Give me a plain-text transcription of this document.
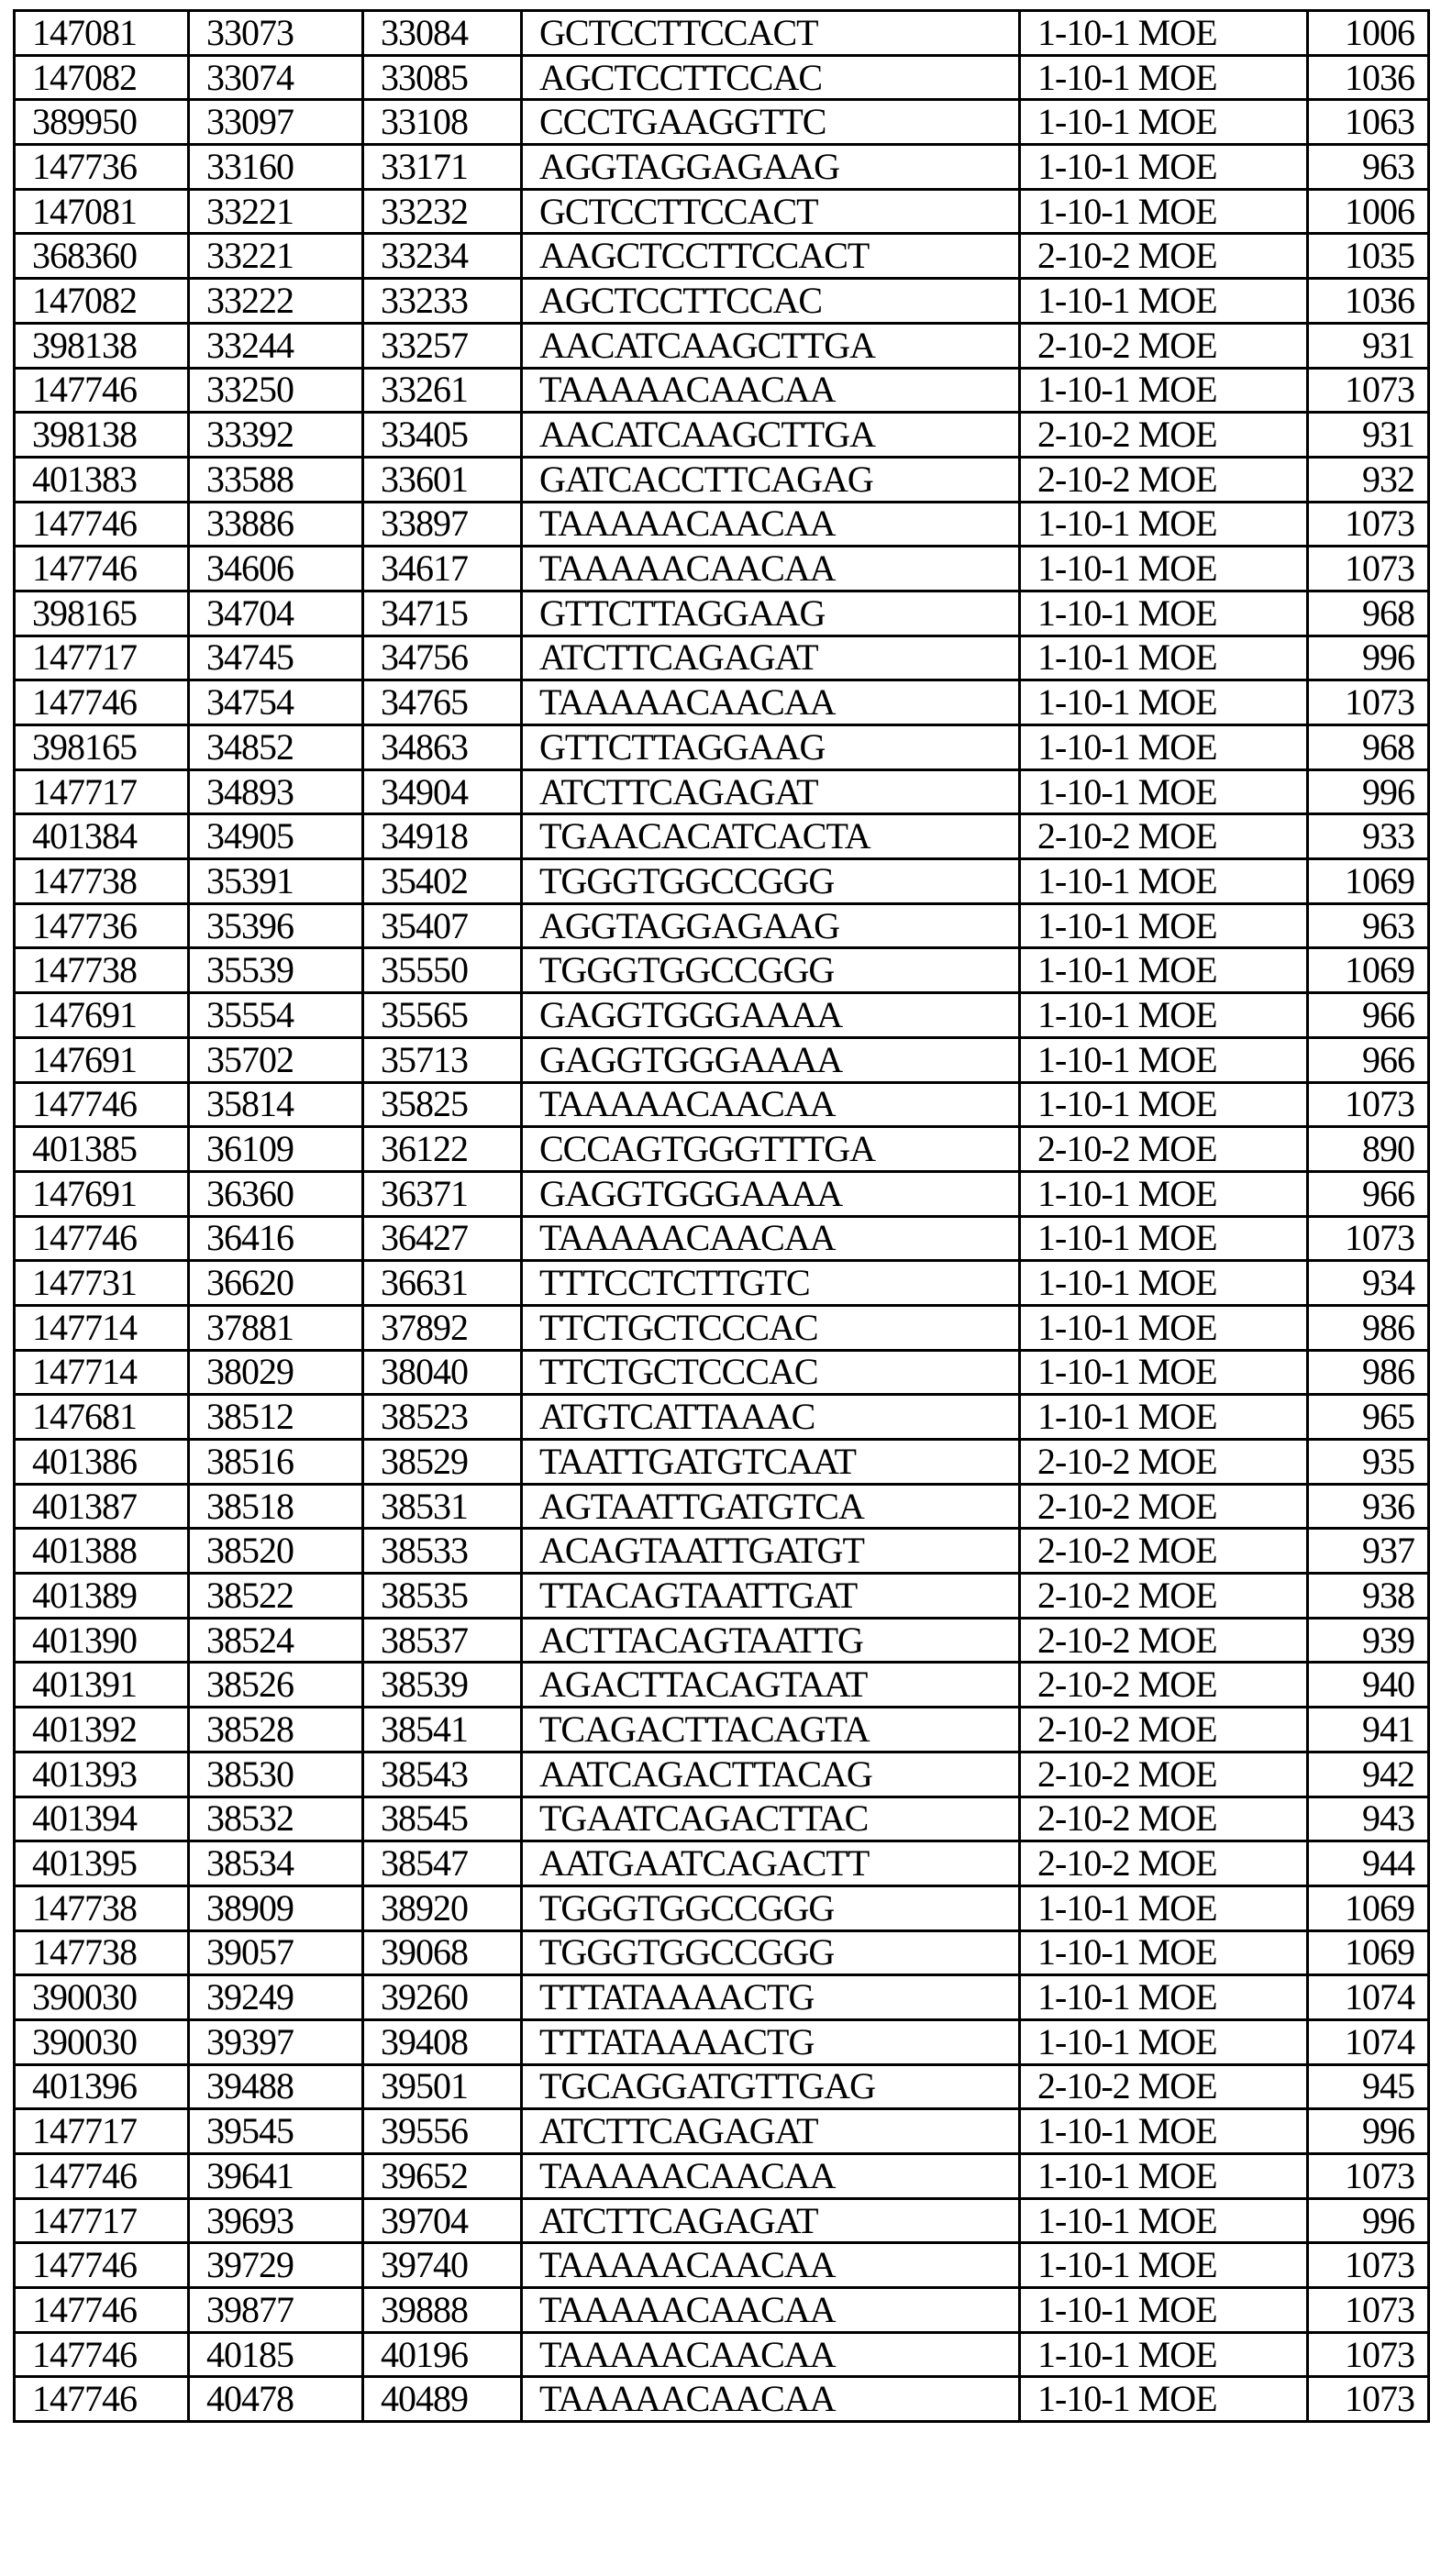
147081	33073	33084	GCTCCTTCCACT	1-10-1 MOE	1006
147082	33074	33085	AGCTCCTTCCAC	1-10-1 MOE	1036
389950	33097	33108	CCCTGAAGGTTC	1-10-1 MOE	1063
147736	33160	33171	AGGTAGGAGAAG	1-10-1 MOE	963
147081	33221	33232	GCTCCTTCCACT	1-10-1 MOE	1006
368360	33221	33234	AAGCTCCTTCCACT	2-10-2 MOE	1035
147082	33222	33233	AGCTCCTTCCAC	1-10-1 MOE	1036
398138	33244	33257	AACATCAAGCTTGA	2-10-2 MOE	931
147746	33250	33261	TAAAAACAACAA	1-10-1 MOE	1073
398138	33392	33405	AACATCAAGCTTGA	2-10-2 MOE	931
401383	33588	33601	GATCACCTTCAGAG	2-10-2 MOE	932
147746	33886	33897	TAAAAACAACAA	1-10-1 MOE	1073
147746	34606	34617	TAAAAACAACAA	1-10-1 MOE	1073
398165	34704	34715	GTTCTTAGGAAG	1-10-1 MOE	968
147717	34745	34756	ATCTTCAGAGAT	1-10-1 MOE	996
147746	34754	34765	TAAAAACAACAA	1-10-1 MOE	1073
398165	34852	34863	GTTCTTAGGAAG	1-10-1 MOE	968
147717	34893	34904	ATCTTCAGAGAT	1-10-1 MOE	996
401384	34905	34918	TGAACACATCACTA	2-10-2 MOE	933
147738	35391	35402	TGGGTGGCCGGG	1-10-1 MOE	1069
147736	35396	35407	AGGTAGGAGAAG	1-10-1 MOE	963
147738	35539	35550	TGGGTGGCCGGG	1-10-1 MOE	1069
147691	35554	35565	GAGGTGGGAAAA	1-10-1 MOE	966
147691	35702	35713	GAGGTGGGAAAA	1-10-1 MOE	966
147746	35814	35825	TAAAAACAACAA	1-10-1 MOE	1073
401385	36109	36122	CCCAGTGGGTTTGA	2-10-2 MOE	890
147691	36360	36371	GAGGTGGGAAAA	1-10-1 MOE	966
147746	36416	36427	TAAAAACAACAA	1-10-1 MOE	1073
147731	36620	36631	TTTCCTCTTGTC	1-10-1 MOE	934
147714	37881	37892	TTCTGCTCCCAC	1-10-1 MOE	986
147714	38029	38040	TTCTGCTCCCAC	1-10-1 MOE	986
147681	38512	38523	ATGTCATTAAAC	1-10-1 MOE	965
401386	38516	38529	TAATTGATGTCAAT	2-10-2 MOE	935
401387	38518	38531	AGTAATTGATGTCA	2-10-2 MOE	936
401388	38520	38533	ACAGTAATTGATGT	2-10-2 MOE	937
401389	38522	38535	TTACAGTAATTGAT	2-10-2 MOE	938
401390	38524	38537	ACTTACAGTAATTG	2-10-2 MOE	939
401391	38526	38539	AGACTTACAGTAAT	2-10-2 MOE	940
401392	38528	38541	TCAGACTTACAGTA	2-10-2 MOE	941
401393	38530	38543	AATCAGACTTACAG	2-10-2 MOE	942
401394	38532	38545	TGAATCAGACTTAC	2-10-2 MOE	943
401395	38534	38547	AATGAATCAGACTT	2-10-2 MOE	944
147738	38909	38920	TGGGTGGCCGGG	1-10-1 MOE	1069
147738	39057	39068	TGGGTGGCCGGG	1-10-1 MOE	1069
390030	39249	39260	TTTATAAAACTG	1-10-1 MOE	1074
390030	39397	39408	TTTATAAAACTG	1-10-1 MOE	1074
401396	39488	39501	TGCAGGATGTTGAG	2-10-2 MOE	945
147717	39545	39556	ATCTTCAGAGAT	1-10-1 MOE	996
147746	39641	39652	TAAAAACAACAA	1-10-1 MOE	1073
147717	39693	39704	ATCTTCAGAGAT	1-10-1 MOE	996
147746	39729	39740	TAAAAACAACAA	1-10-1 MOE	1073
147746	39877	39888	TAAAAACAACAA	1-10-1 MOE	1073
147746	40185	40196	TAAAAACAACAA	1-10-1 MOE	1073
147746	40478	40489	TAAAAACAACAA	1-10-1 MOE	1073
